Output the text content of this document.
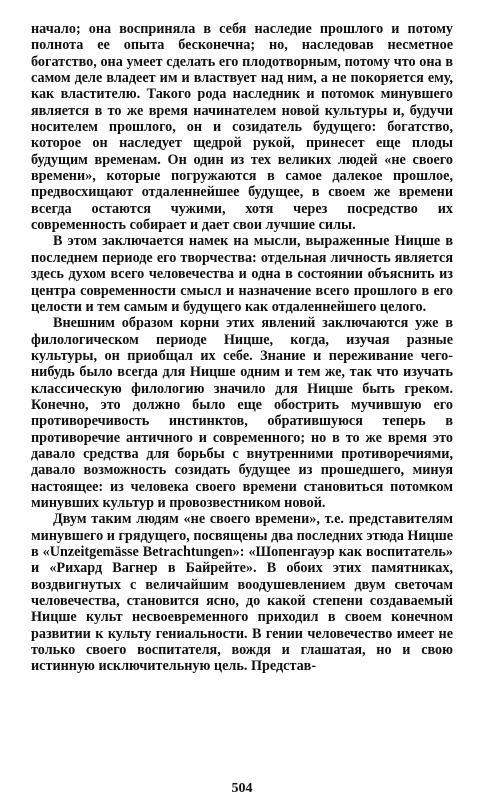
начало; она восприняла в себя наследие прошлого и потому полнота ее опыта бесконечна; но, наследовав несметное богатство, она умеет сделать его плодотворным, потому что она в самом деле владеет им и властвует над ним, а не покоряется ему, как властителю. Такого рода наследник и потомок минувшего является в то же время начинателем новой культуры и, будучи носителем прошлого, он и созидатель будущего: богатство, которое он наследует щедрой рукой, принесет еще плоды будущим временам. Он один из тех великих людей «не своего времени», которые погружаются в самое далекое прошлое, предвосхищают отдаленнейшее будущее, в своем же времени всегда остаются чужими, хотя через посредство их современность собирает и дает свои лучшие силы.

В этом заключается намек на мысли, выраженные Ницше в последнем периоде его творчества: отдельная личность является здесь духом всего человечества и одна в состоянии объяснить из центра современности смысл и назначение всего прошлого в его целости и тем самым и будущего как отдаленнейшего целого.

Внешним образом корни этих явлений заключаются уже в филологическом периоде Ницше, когда, изучая разные культуры, он приобщал их себе. Знание и переживание чего-нибудь было всегда для Ницше одним и тем же, так что изучать классическую филологию значило для Ницше быть греком. Конечно, это должно было еще обострить мучившую его противоречивость инстинктов, обратившуюся теперь в противоречие античного и современного; но в то же время это давало средства для борьбы с внутренними противоречиями, давало возможность созидать будущее из прошедшего, минуя настоящее: из человека своего времени становиться потомком минувших культур и провозвестником новой.

Двум таким людям «не своего времени», т.е. представителям минувшего и грядущего, посвящены два последних этюда Ницше в «Unzeitgemässe Betrachtungen»: «Шопенгауэр как воспитатель» и «Рихард Вагнер в Байрейте». В обоих этих памятниках, воздвигнутых с величайшим воодушевлением двум светочам человечества, становится ясно, до какой степени создаваемый Ницше культ несвоевременного приходил в своем конечном развитии к культу гениальности. В гении человечество имеет не только своего воспитателя, вождя и глашатая, но и свою истинную исключительную цель. Представ-

504
